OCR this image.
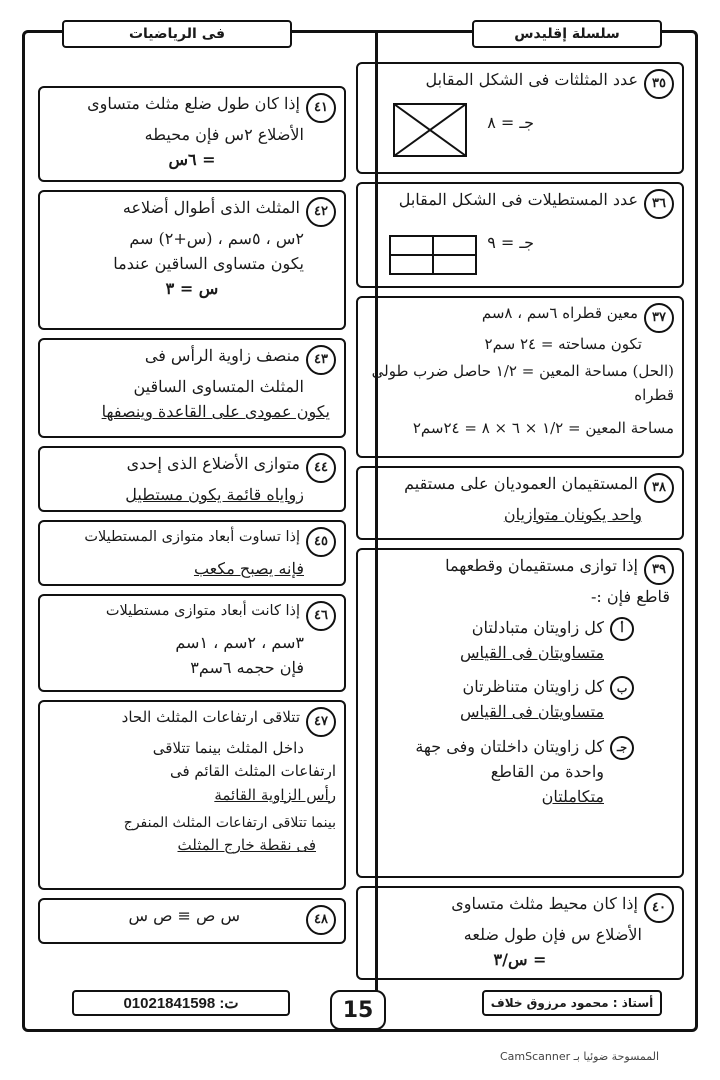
فى الرياضيات	سلسلة إقليدس
٣٥
عدد المثلثات فى الشكل المقابل
جـ = ٨
٣٦
عدد المستطيلات فى الشكل المقابل
جـ = ٩
٣٧
معين قطراه ٦سم ، ٨سم
تكون مساحته = ٢٤ سم٢
(الحل) مساحة المعين = ١/٢ حاصل ضرب طولى قطراه
مساحة المعين = ١/٢ × ٦ × ٨ = ٢٤سم٢
٣٨
المستقيمان العموديان على مستقيم
واحد يكونان متوازيان
٣٩
إذا توازى مستقيمان وقطعهما
قاطع فإن :-
أ
كل زاويتان متبادلتان
متساويتان فى القياس
ب
كل زاويتان متناظرتان
متساويتان فى القياس
جـ
كل زاويتان داخلتان وفى جهة
واحدة من القاطع
متكاملتان
٤٠
إذا كان محيط مثلث متساوى
الأضلاع س فإن طول ضلعه
= س/٣
٤١
إذا كان طول ضلع مثلث متساوى
الأضلاع ٢س فإن محيطه
= ٦س
٤٢
المثلث الذى أطوال أضلاعه
٢س ، ٥سم ، (س+٢) سم
يكون متساوى الساقين عندما
س = ٣
٤٣
منصف زاوية الرأس فى
المثلث المتساوى الساقين
يكون عمودى على القاعدة وينصفها
٤٤
متوازى الأضلاع الذى إحدى
زواياه قائمة يكون مستطيل
٤٥
إذا تساوت أبعاد متوازى المستطيلات
فإنه يصبح مكعب
٤٦
إذا كانت أبعاد متوازى مستطيلات
٣سم ، ٢سم ، ١سم
فإن حجمه ٦سم٣
٤٧
تتلاقى ارتفاعات المثلث الحاد
داخل المثلث بينما تتلاقى
ارتفاعات المثلث القائم فى
رأس الزاوية القائمة
بينما تتلاقى ارتفاعات المثلث المنفرج
فى نقطة خارج المثلث
٤٨
س ص ≡ ص س
01021841598 :ت	15	أستاذ : محمود مرزوق خلاف
الممسوحة ضوئيا بـ CamScanner
